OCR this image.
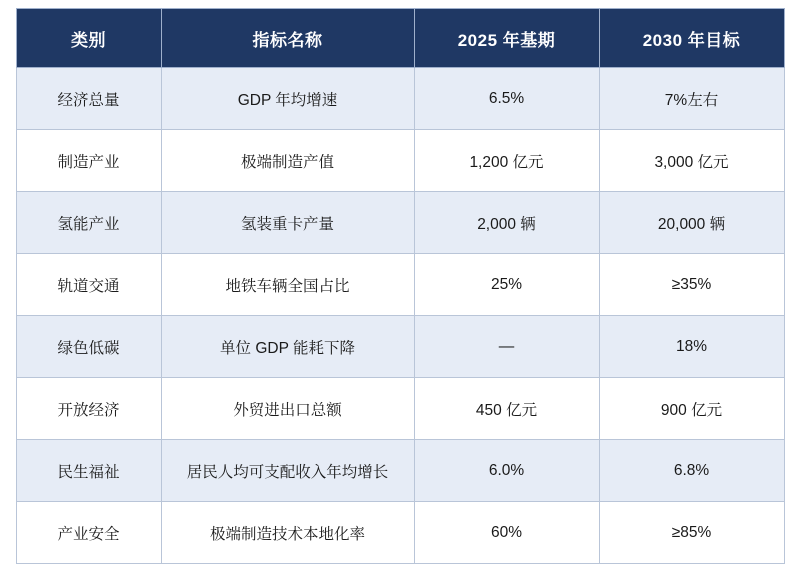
类别	指标名称	2025 年基期	2030 年目标
经济总量	GDP 年均增速	6.5%	7%左右
制造产业	极端制造产值	1,200 亿元	3,000 亿元
氢能产业	氢装重卡产量	2,000 辆	20,000 辆
轨道交通	地铁车辆全国占比	25%	≥35%
绿色低碳	单位 GDP 能耗下降	—	18%
开放经济	外贸进出口总额	450 亿元	900 亿元
民生福祉	居民人均可支配收入年均增长	6.0%	6.8%
产业安全	极端制造技术本地化率	60%	≥85%
